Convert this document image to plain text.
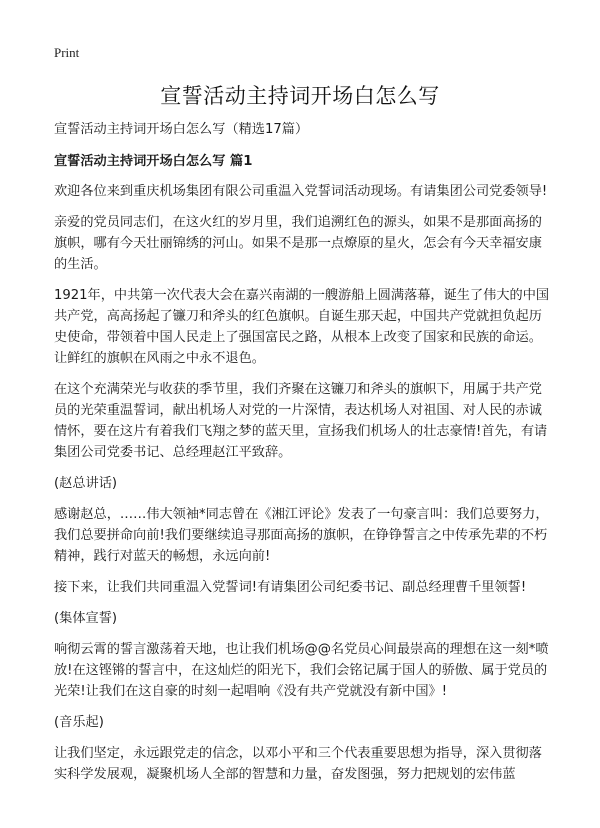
Print
宣誓活动主持词开场白怎么写

宣誓活动主持词开场白怎么写（精选17篇）

宣誓活动主持词开场白怎么写 篇1

欢迎各位来到重庆机场集团有限公司重温入党誓词活动现场。有请集团公司党委领导!

亲爱的党员同志们，在这火红的岁月里，我们追溯红色的源头，如果不是那面高扬的旗帜，哪有今天壮丽锦绣的河山。如果不是那一点燎原的星火，怎会有今天幸福安康的生活。

1921年，中共第一次代表大会在嘉兴南湖的一艘游船上圆满落幕，诞生了伟大的中国共产党，高高扬起了镰刀和斧头的红色旗帜。自诞生那天起，中国共产党就担负起历史使命，带领着中国人民走上了强国富民之路，从根本上改变了国家和民族的命运。让鲜红的旗帜在风雨之中永不退色。

在这个充满荣光与收获的季节里，我们齐聚在这镰刀和斧头的旗帜下，用属于共产党员的光荣重温誓词，献出机场人对党的一片深情，表达机场人对祖国、对人民的赤诚情怀，要在这片有着我们飞翔之梦的蓝天里，宣扬我们机场人的壮志豪情!首先，有请集团公司党委书记、总经理赵江平致辞。

(赵总讲话)

感谢赵总，……伟大领袖*同志曾在《湘江评论》发表了一句豪言叫：我们总要努力，我们总要拼命向前!我们要继续追寻那面高扬的旗帜，在铮铮誓言之中传承先辈的不朽精神，践行对蓝天的畅想，永远向前!

接下来，让我们共同重温入党誓词!有请集团公司纪委书记、副总经理曹千里领誓!

(集体宣誓)

响彻云霄的誓言激荡着天地，也让我们机场@@名党员心间最崇高的理想在这一刻*喷放!在这铿锵的誓言中，在这灿烂的阳光下，我们会铭记属于国人的骄傲、属于党员的光荣!让我们在这自豪的时刻一起唱响《没有共产党就没有新中国》!

(音乐起)

让我们坚定，永远跟党走的信念，以邓小平和三个代表重要思想为指导，深入贯彻落实科学发展观，凝聚机场人全部的智慧和力量，奋发图强，努力把规划的宏伟蓝
